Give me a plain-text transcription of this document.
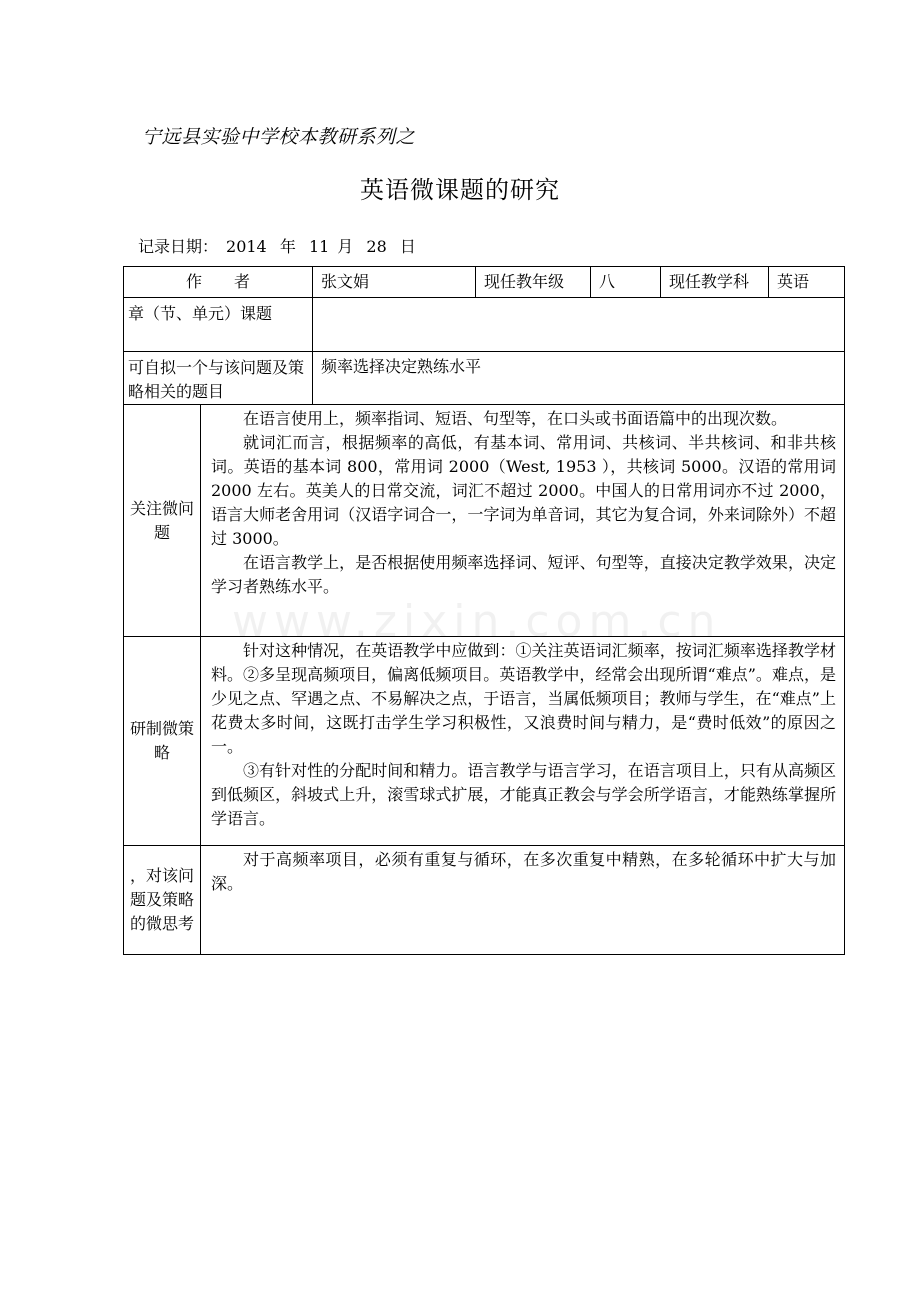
宁远县实验中学校本教研系列之
英语微课题的研究
记录日期： 2014 年 11 月 28 日
作　　者		张文娟	现任教年级	八	现任教学科	英语

章（节、单元）课题						

可自拟一个与该问题及策略相关的题目		频率选择决定熟练水平				

关注微问题	在语言使用上，频率指词、短语、句型等，在口头或书面语篇中的出现次数。

就词汇而言，根据频率的高低，有基本词、常用词、共核词、半共核词、和非共核词。英语的基本词 800，常用词 2000（West, 1953 ），共核词 5000。汉语的常用词 2000 左右。英美人的日常交流，词汇不超过 2000。中国人的日常用词亦不过 2000，语言大师老舍用词（汉语字词合一，一字词为单音词，其它为复合词，外来词除外）不超过 3000。

在语言教学上，是否根据使用频率选择词、短评、句型等，直接决定教学效果，决定学习者熟练水平。					

研制微策略	针对这种情况，在英语教学中应做到：①关注英语词汇频率，按词汇频率选择教学材料。②多呈现高频项目，偏离低频项目。英语教学中，经常会出现所谓“难点”。难点，是少见之点、罕遇之点、不易解决之点，于语言，当属低频项目；教师与学生，在“难点”上花费太多时间，这既打击学生学习积极性，又浪费时间与精力，是“费时低效”的原因之一。

③有针对性的分配时间和精力。语言教学与语言学习，在语言项目上，只有从高频区到低频区，斜坡式上升，滚雪球式扩展，才能真正教会与学会所学语言，才能熟练掌握所学语言。					

，对该问题及策略的微思考	对于高频率项目，必须有重复与循环，在多次重复中精熟，在多轮循环中扩大与加深。					

www.zixin.com.cn
